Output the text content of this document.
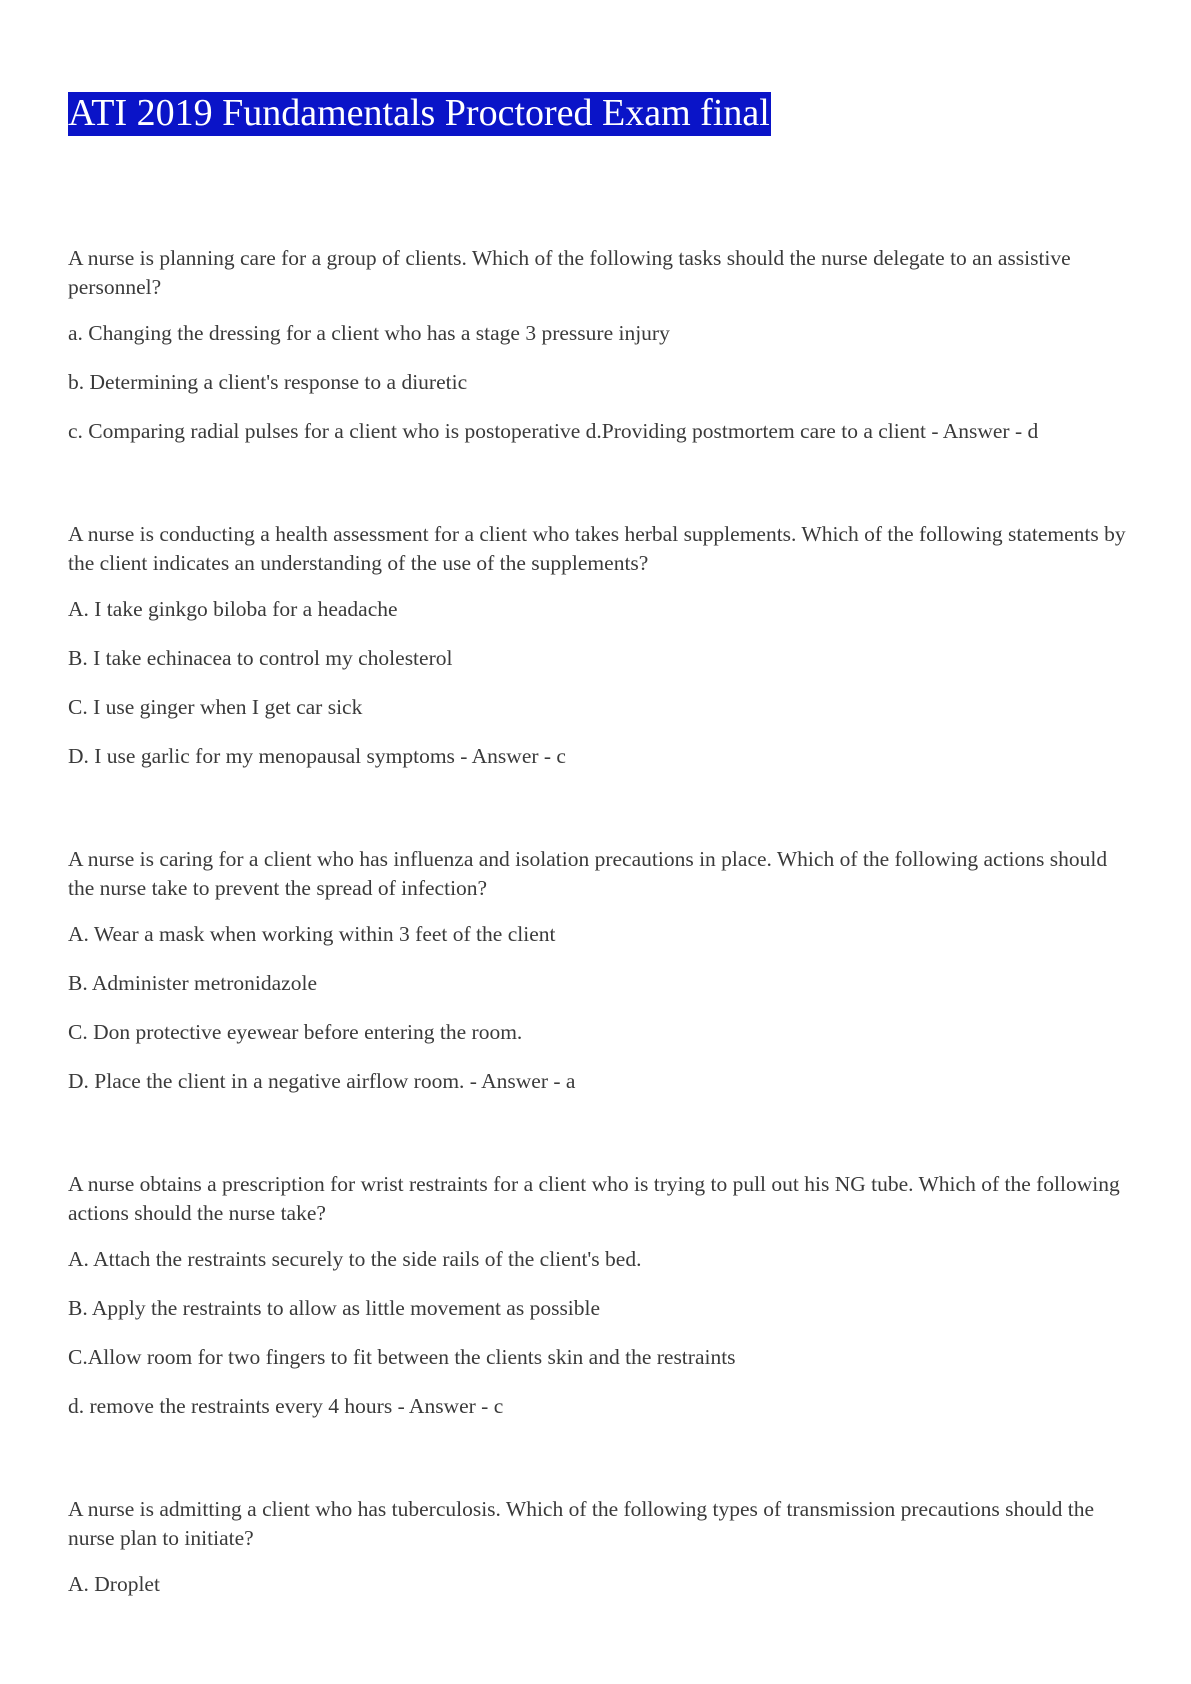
ATI 2019 Fundamentals Proctored Exam final

A nurse is planning care for a group of clients. Which of the following tasks should the nurse delegate to an assistive personnel?

a. Changing the dressing for a client who has a stage 3 pressure injury

b. Determining a client's response to a diuretic

c. Comparing radial pulses for a client who is postoperative d.Providing postmortem care to a client - Answer - d

A nurse is conducting a health assessment for a client who takes herbal supplements. Which of the following statements by the client indicates an understanding of the use of the supplements?

A. I take ginkgo biloba for a headache

B. I take echinacea to control my cholesterol

C. I use ginger when I get car sick

D. I use garlic for my menopausal symptoms - Answer - c

A nurse is caring for a client who has influenza and isolation precautions in place. Which of the following actions should the nurse take to prevent the spread of infection?

A. Wear a mask when working within 3 feet of the client

B. Administer metronidazole

C. Don protective eyewear before entering the room.

D. Place the client in a negative airflow room. - Answer - a

A nurse obtains a prescription for wrist restraints for a client who is trying to pull out his NG tube. Which of the following actions should the nurse take?

A. Attach the restraints securely to the side rails of the client's bed.

B. Apply the restraints to allow as little movement as possible

C.Allow room for two fingers to fit between the clients skin and the restraints

d. remove the restraints every 4 hours - Answer - c

A nurse is admitting a client who has tuberculosis. Which of the following types of transmission precautions should the nurse plan to initiate?

A. Droplet
